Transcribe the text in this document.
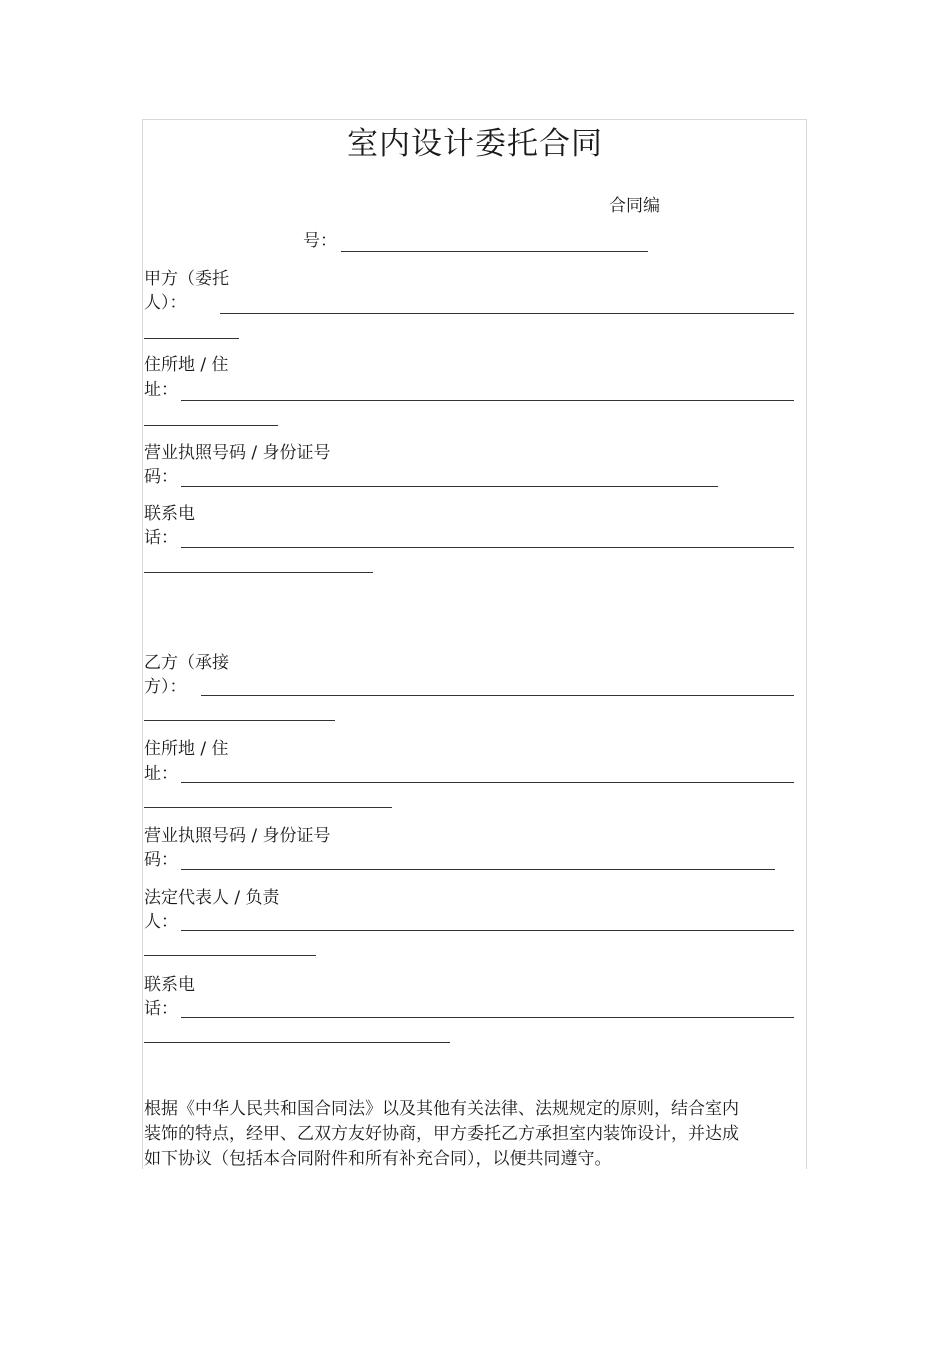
室内设计委托合同
合同编
号：
甲方（委托
人）：
住所地 / 住
址：
营业执照号码 / 身份证号
码：
联系电
话：
乙方（承接
方）：
住所地 / 住
址：
营业执照号码 / 身份证号
码：
法定代表人 / 负责
人：
联系电
话：
根据《中华人民共和国合同法》以及其他有关法律、法规规定的原则，结合室内
装饰的特点，经甲、乙双方友好协商，甲方委托乙方承担室内装饰设计，并达成
如下协议（包括本合同附件和所有补充合同），以便共同遵守。
